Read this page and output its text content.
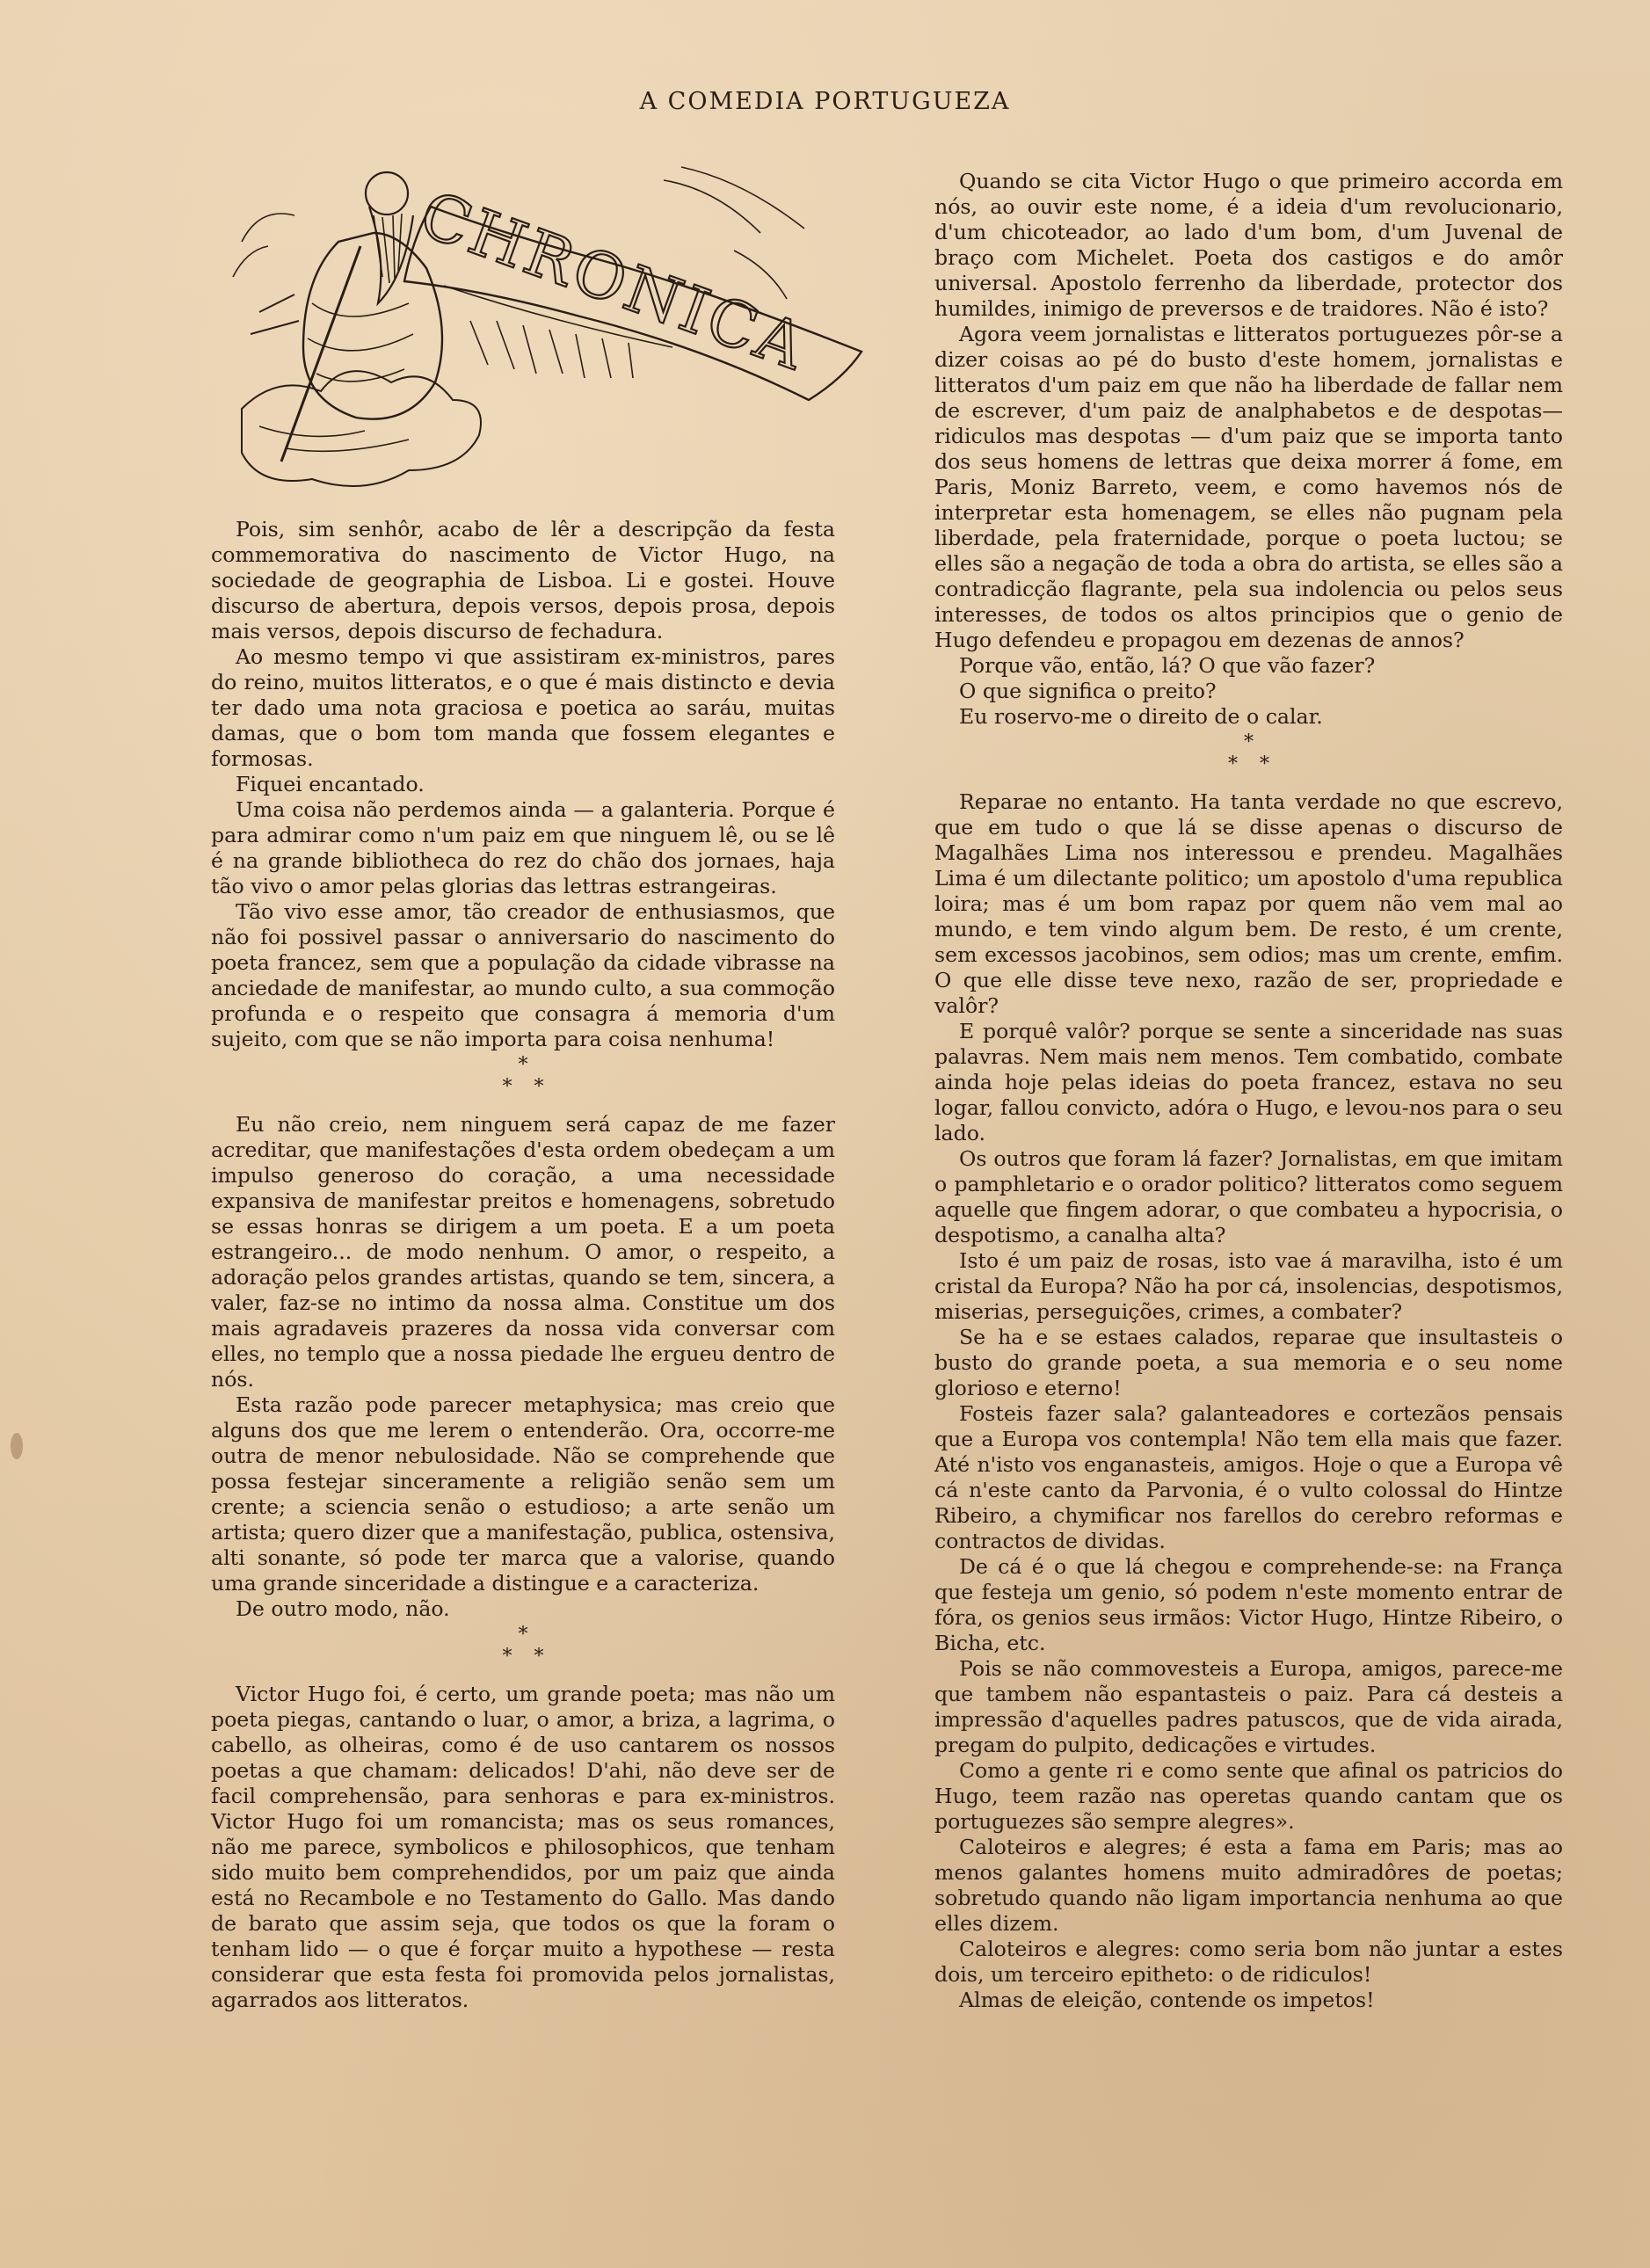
A COMEDIA PORTUGUEZA
CHRONICA

Pois, sim senhôr, acabo de lêr a descripção da festa commemorativa do nascimento de Victor Hugo, na sociedade de geographia de Lisboa. Li e gostei. Houve discurso de abertura, depois versos, depois prosa, depois mais versos, depois discurso de fechadura.

Ao mesmo tempo vi que assistiram ex-ministros, pares do reino, muitos litteratos, e o que é mais distincto e devia ter dado uma nota graciosa e poetica ao saráu, muitas damas, que o bom tom manda que fossem elegantes e formosas.

Fiquei encantado.

Uma coisa não perdemos ainda — a galanteria. Porque é para admirar como n'um paiz em que ninguem lê, ou se lê é na grande bibliotheca do rez do chão dos jornaes, haja tão vivo o amor pelas glorias das lettras estrangeiras.

Tão vivo esse amor, tão creador de enthusiasmos, que não foi possivel passar o anniversario do nascimento do poeta francez, sem que a população da cidade vibrasse na anciedade de manifestar, ao mundo culto, a sua commoção profunda e o respeito que consagra á memoria d'um sujeito, com que se não importa para coisa nenhuma!

*
* *

Eu não creio, nem ninguem será capaz de me fazer acreditar, que manifestações d'esta ordem obedeçam a um impulso generoso do coração, a uma necessidade expansiva de manifestar preitos e homenagens, sobretudo se essas honras se dirigem a um poeta. E a um poeta estrangeiro... de modo nenhum. O amor, o respeito, a adoração pelos grandes artistas, quando se tem, sincera, a valer, faz-se no intimo da nossa alma. Constitue um dos mais agradaveis prazeres da nossa vida conversar com elles, no templo que a nossa piedade lhe ergueu dentro de nós.

Esta razão pode parecer metaphysica; mas creio que alguns dos que me lerem o entenderão. Ora, occorre-me outra de menor nebulosidade. Não se comprehende que possa festejar sinceramente a religião senão sem um crente; a sciencia senão o estudioso; a arte senão um artista; quero dizer que a manifestação, publica, ostensiva, alti sonante, só pode ter marca que a valorise, quando uma grande sinceridade a distingue e a caracteriza.

De outro modo, não.

*
* *

Victor Hugo foi, é certo, um grande poeta; mas não um poeta piegas, cantando o luar, o amor, a briza, a lagrima, o cabello, as olheiras, como é de uso cantarem os nossos poetas a que chamam: delicados! D'ahi, não deve ser de facil comprehensão, para senhoras e para ex-ministros. Victor Hugo foi um romancista; mas os seus romances, não me parece, symbolicos e philosophicos, que tenham sido muito bem comprehendidos, por um paiz que ainda está no Recambole e no Testamento do Gallo. Mas dando de barato que assim seja, que todos os que la foram o tenham lido — o que é forçar muito a hypothese — resta considerar que esta festa foi promovida pelos jornalistas, agarrados aos litteratos.

Quando se cita Victor Hugo o que primeiro accorda em nós, ao ouvir este nome, é a ideia d'um revolucionario, d'um chicoteador, ao lado d'um bom, d'um Juvenal de braço com Michelet. Poeta dos castigos e do amôr universal. Apostolo ferrenho da liberdade, protector dos humildes, inimigo de preversos e de traidores. Não é isto?

Agora veem jornalistas e litteratos portuguezes pôr-se a dizer coisas ao pé do busto d'este homem, jornalistas e litteratos d'um paiz em que não ha liberdade de fallar nem de escrever, d'um paiz de analphabetos e de despotas—ridiculos mas despotas — d'um paiz que se importa tanto dos seus homens de lettras que deixa morrer á fome, em Paris, Moniz Barreto, veem, e como havemos nós de interpretar esta homenagem, se elles não pugnam pela liberdade, pela fraternidade, porque o poeta luctou; se elles são a negação de toda a obra do artista, se elles são a contradicção flagrante, pela sua indolencia ou pelos seus interesses, de todos os altos principios que o genio de Hugo defendeu e propagou em dezenas de annos?

Porque vão, então, lá? O que vão fazer?

O que significa o preito?

Eu roservo-me o direito de o calar.

*
* *

Reparae no entanto. Ha tanta verdade no que escrevo, que em tudo o que lá se disse apenas o discurso de Magalhães Lima nos interessou e prendeu. Magalhães Lima é um dilectante politico; um apostolo d'uma republica loira; mas é um bom rapaz por quem não vem mal ao mundo, e tem vindo algum bem. De resto, é um crente, sem excessos jacobinos, sem odios; mas um crente, emfim. O que elle disse teve nexo, razão de ser, propriedade e valôr?

E porquê valôr? porque se sente a sinceridade nas suas palavras. Nem mais nem menos. Tem combatido, combate ainda hoje pelas ideias do poeta francez, estava no seu logar, fallou convicto, adóra o Hugo, e levou-nos para o seu lado.

Os outros que foram lá fazer? Jornalistas, em que imitam o pamphletario e o orador politico? litteratos como seguem aquelle que fingem adorar, o que combateu a hypocrisia, o despotismo, a canalha alta?

Isto é um paiz de rosas, isto vae á maravilha, isto é um cristal da Europa? Não ha por cá, insolencias, despotismos, miserias, perseguições, crimes, a combater?

Se ha e se estaes calados, reparae que insultasteis o busto do grande poeta, a sua memoria e o seu nome glorioso e eterno!

Fosteis fazer sala? galanteadores e cortezãos pensais que a Europa vos contempla! Não tem ella mais que fazer. Até n'isto vos enganasteis, amigos. Hoje o que a Europa vê cá n'este canto da Parvonia, é o vulto colossal do Hintze Ribeiro, a chymificar nos farellos do cerebro reformas e contractos de dividas.

De cá é o que lá chegou e comprehende-se: na França que festeja um genio, só podem n'este momento entrar de fóra, os genios seus irmãos: Victor Hugo, Hintze Ribeiro, o Bicha, etc.

Pois se não commovesteis a Europa, amigos, parece-me que tambem não espantasteis o paiz. Para cá desteis a impressão d'aquelles padres patuscos, que de vida airada, pregam do pulpito, dedicações e virtudes.

Como a gente ri e como sente que afinal os patricios do Hugo, teem razão nas operetas quando cantam que os portuguezes são sempre alegres».

Caloteiros e alegres; é esta a fama em Paris; mas ao menos galantes homens muito admiradôres de poetas; sobretudo quando não ligam importancia nenhuma ao que elles dizem.

Caloteiros e alegres: como seria bom não juntar a estes dois, um terceiro epitheto: o de ridiculos!

Almas de eleição, contende os impetos!
